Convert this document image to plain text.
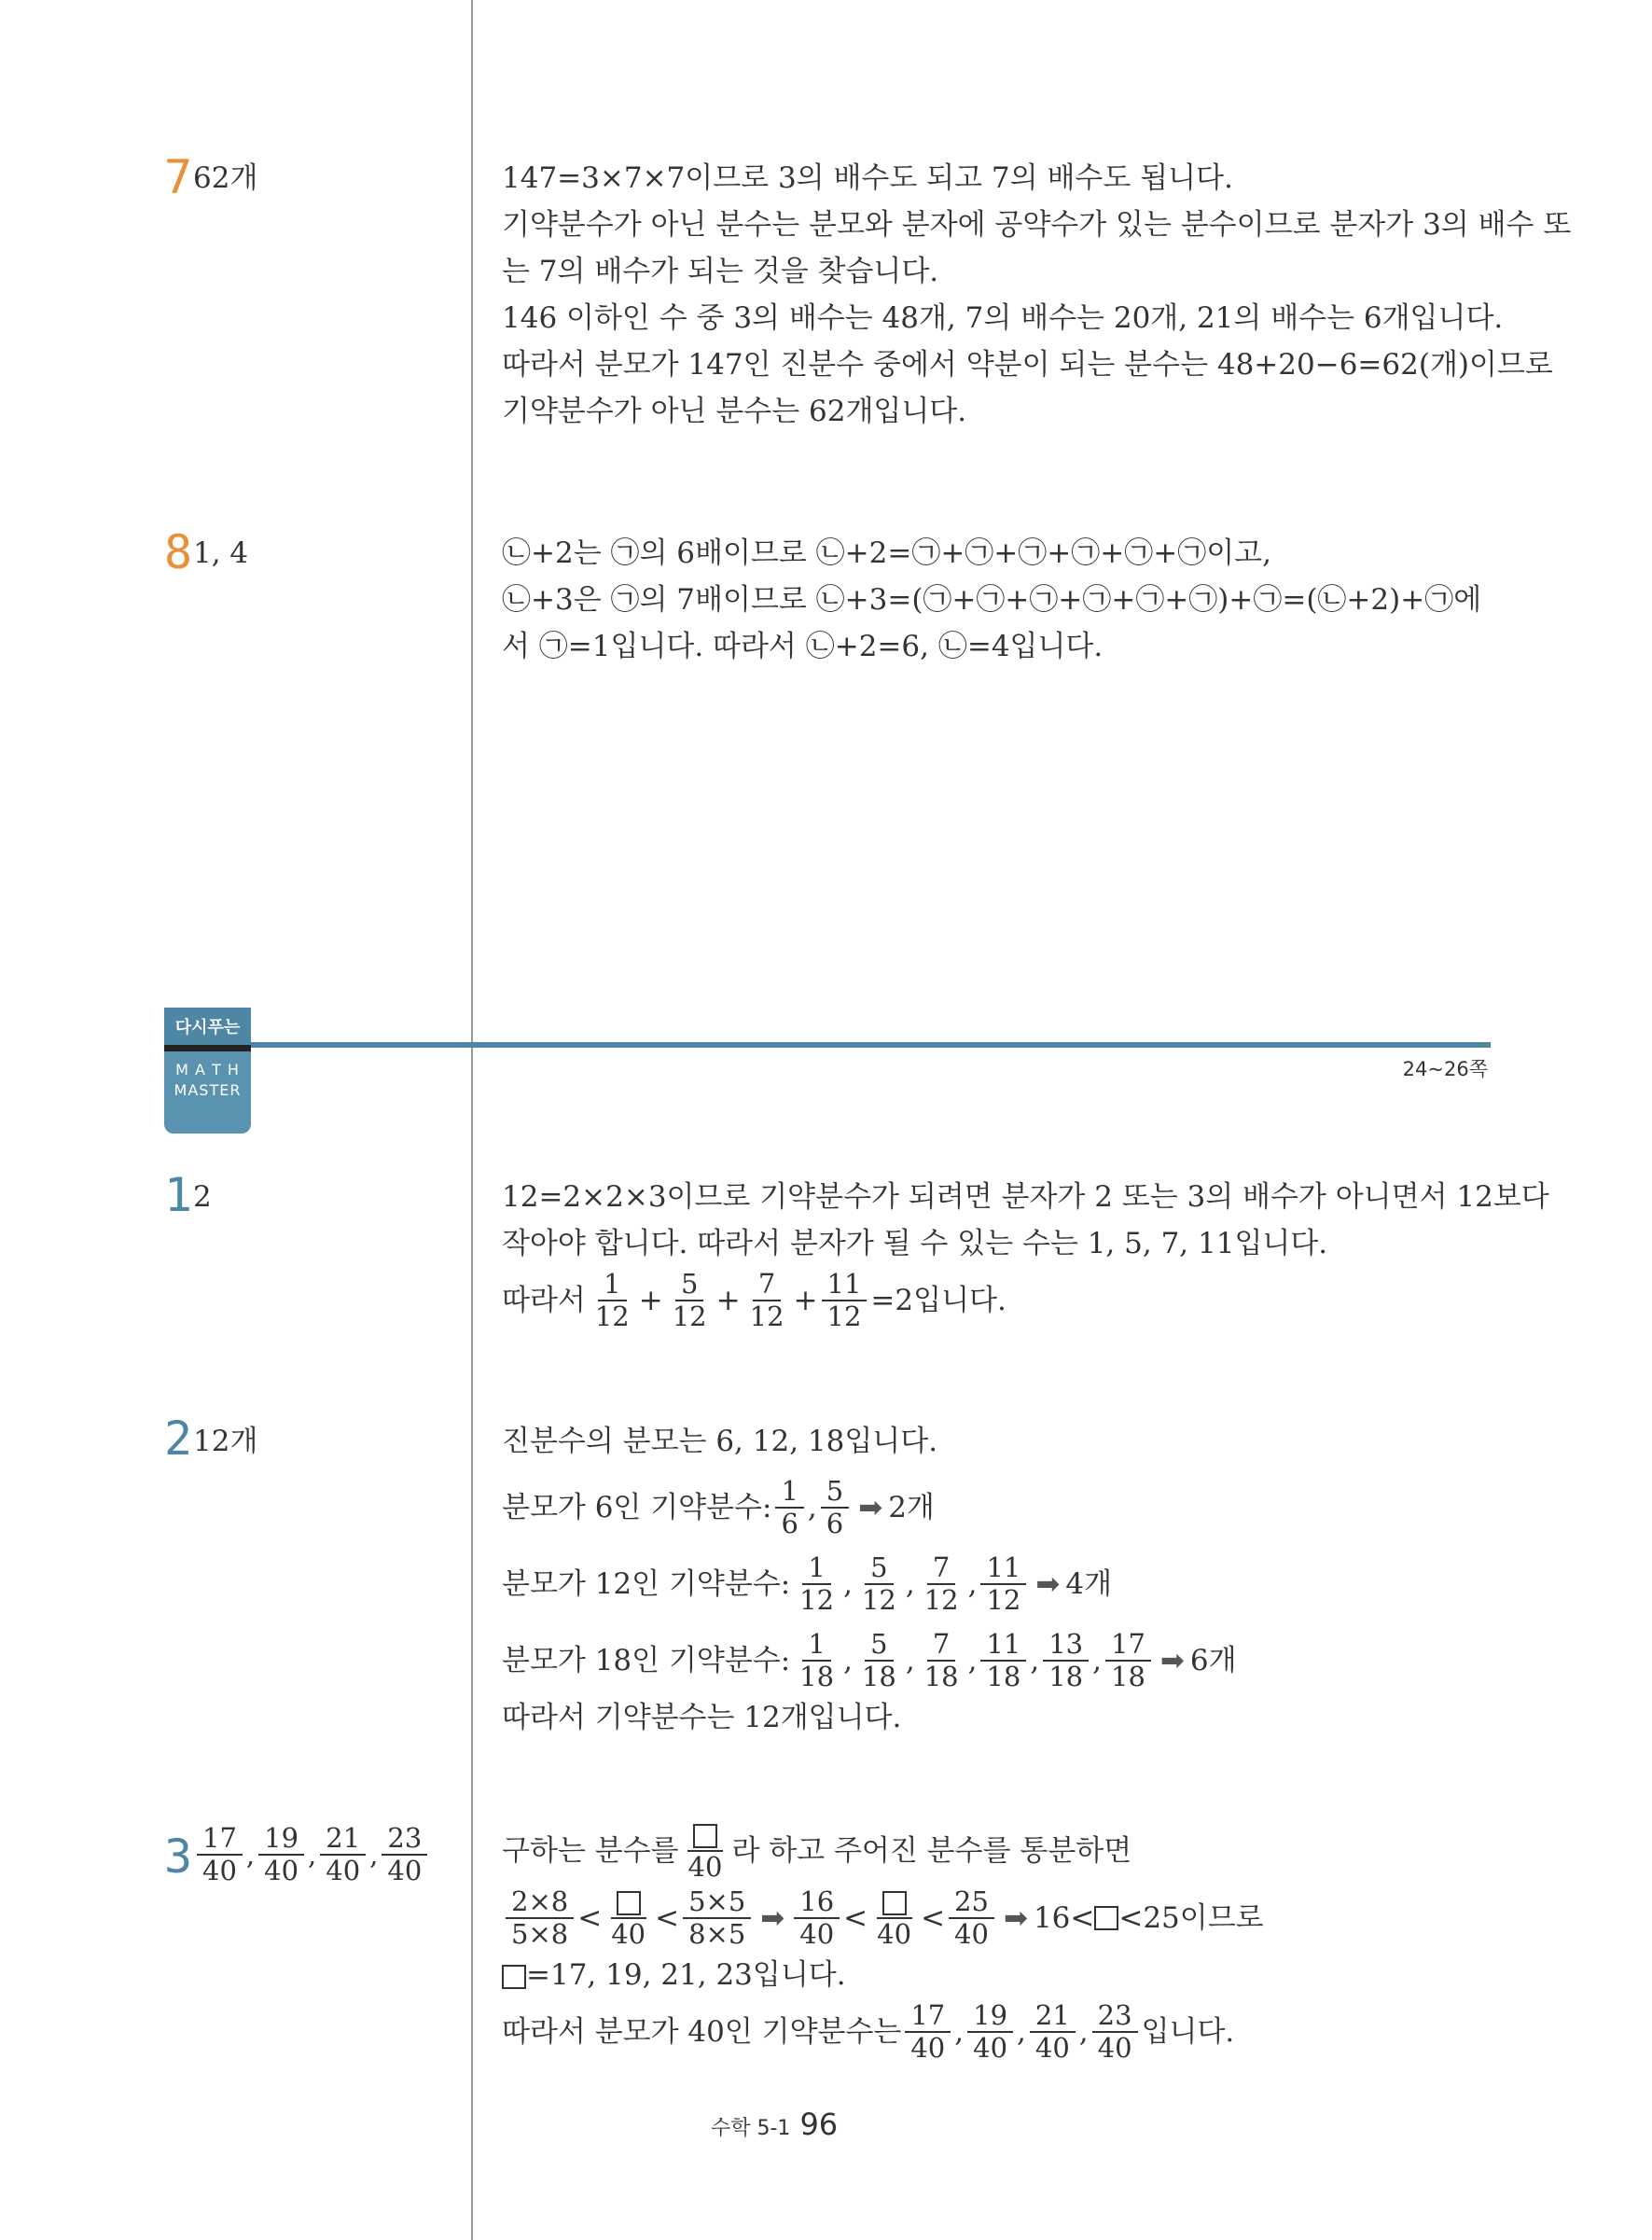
7 62개	147=3×7×7이므로 3의 배수도 되고 7의 배수도 됩니다.
기약분수가 아닌 분수는 분모와 분자에 공약수가 있는 분수이므로 분자가 3의 배수 또
는 7의 배수가 되는 것을 찾습니다.
146 이하인 수 중 3의 배수는 48개, 7의 배수는 20개, 21의 배수는 6개입니다.
따라서 분모가 147인 진분수 중에서 약분이 되는 분수는 48+20−6=62(개)이므로
기약분수가 아닌 분수는 62개입니다.
8 1, 4	㉡+2는 ㉠의 6배이므로 ㉡+2=㉠+㉠+㉠+㉠+㉠+㉠이고,
㉡+3은 ㉠의 7배이므로 ㉡+3=(㉠+㉠+㉠+㉠+㉠+㉠)+㉠=(㉡+2)+㉠에
서 ㉠=1입니다. 따라서 ㉡+2=6, ㉡=4입니다.
다시푸는
M A T H
MASTER
24~26쪽
1 2	12=2×2×3이므로 기약분수가 되려면 분자가 2 또는 3의 배수가 아니면서 12보다
작아야 합니다. 따라서 분자가 될 수 있는 수는 1, 5, 7, 11입니다.
따라서 $\frac{1}{12} + \frac{5}{12} + \frac{7}{12} + \frac{11}{12} =2$입니다.
2 12개	진분수의 분모는 6, 12, 18입니다.
분모가 6인 기약분수: $\frac{1}{6}$ , $\frac{5}{6}$ ➡ 2개
분모가 12인 기약분수: $\frac{1}{12}$ , $\frac{5}{12}$ , $\frac{7}{12}$ , $\frac{11}{12}$ ➡ 4개
분모가 18인 기약분수: $\frac{1}{18}$ , $\frac{5}{18}$ , $\frac{7}{18}$ , $\frac{11}{18}$ , $\frac{13}{18}$ , $\frac{17}{18}$ ➡ 6개
따라서 기약분수는 12개입니다.
$3 \frac{17}{40}$ , $\frac{19}{40}$ , $\frac{21}{40}$ , $\frac{23}{40}$	구하는 분수를 40 라 하고 주어진 분수를 통분하면
$\frac{2\times 8}{5\times 8} < 40 < \frac{5\times 5}{8\times 5}$ ➡ $\frac{16}{40} < 40 < \frac{25}{40}$ ➡ 16< <25이므로
=17, 19, 21, 23입니다.
따라서 분모가 40인 기약분수는 $\frac{17}{40}$ , $\frac{19}{40}$ , $\frac{21}{40}$ , $\frac{23}{40}$ 입니다.
수학 5-1 96
